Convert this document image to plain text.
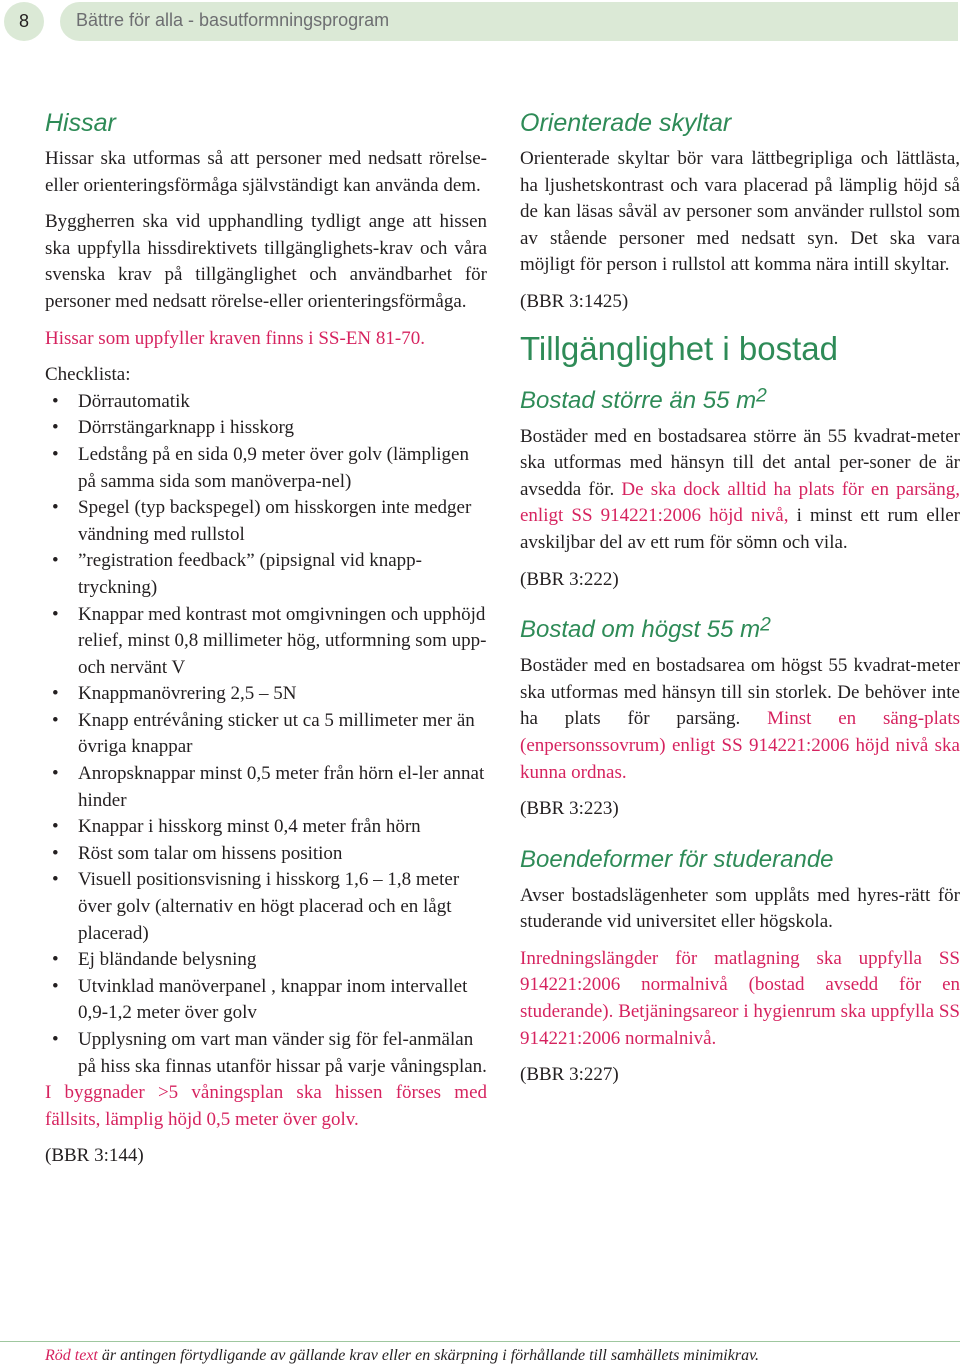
8	Bättre för alla - basutformningsprogram
Hissar

Hissar ska utformas så att personer med nedsatt rörelse- eller orienteringsförmåga självständigt kan använda dem.

Byggherren ska vid upphandling tydligt ange att hissen ska uppfylla hissdirektivets tillgänglighets-krav och våra svenska krav på tillgänglighet och användbarhet för personer med nedsatt rörelse-eller orienteringsförmåga.

Hissar som uppfyller kraven finns i SS-EN 81-70.

Checklista:
• Dörrautomatik
• Dörrstängarknapp i hisskorg
• Ledstång på en sida 0,9 meter över golv (lämpligen på samma sida som manöverpa-nel)
• Spegel (typ backspegel) om hisskorgen inte medger vändning med rullstol
• ”registration feedback” (pipsignal vid knapp-tryckning)
• Knappar med kontrast mot omgivningen och upphöjd relief, minst 0,8 millimeter hög, utformning som upp- och nervänt V
• Knappmanövrering 2,5 – 5N
• Knapp entrévåning sticker ut ca 5 millimeter mer än övriga knappar
• Anropsknappar minst 0,5 meter från hörn el-ler annat hinder
• Knappar i hisskorg minst 0,4 meter från hörn
• Röst som talar om hissens position
• Visuell positionsvisning i hisskorg 1,6 – 1,8 meter över golv (alternativ en högt placerad och en lågt placerad)
• Ej bländande belysning
• Utvinklad manöverpanel , knappar inom intervallet 0,9-1,2 meter över golv
• Upplysning om vart man vänder sig för fel-anmälan på hiss ska finnas utanför hissar på varje våningsplan.

I byggnader >5 våningsplan ska hissen förses med fällsits, lämplig höjd 0,5 meter över golv.

(BBR 3:144)

Orienterade skyltar

Orienterade skyltar bör vara lättbegripliga och lättlästa, ha ljushetskontrast och vara placerad på lämplig höjd så de kan läsas såväl av personer som använder rullstol som av stående personer med nedsatt syn. Det ska vara möjligt för person i rullstol att komma nära intill skyltar.

(BBR 3:1425)

Tillgänglighet i bostad
Bostad större än 55 $m^2$

Bostäder med en bostadsarea större än 55 kvadrat-meter ska utformas med hänsyn till det antal per-soner de är avsedda för. De ska dock alltid ha plats för en parsäng, enligt SS 914221:2006 höjd nivå, i minst ett rum eller avskiljbar del av ett rum för sömn och vila.

(BBR 3:222)

Bostad om högst 55 $m^2$

Bostäder med en bostadsarea om högst 55 kvadrat-meter ska utformas med hänsyn till sin storlek. De behöver inte ha plats för parsäng. Minst en säng-plats (enpersonssovrum) enligt SS 914221:2006 höjd nivå ska kunna ordnas.

(BBR 3:223)

Boendeformer för studerande

Avser bostadslägenheter som upplåts med hyres-rätt för studerande vid universitet eller högskola.

Inredningslängder för matlagning ska uppfylla SS 914221:2006 normalnivå (bostad avsedd för en studerande). Betjäningsareor i hygienrum ska uppfylla SS 914221:2006 normalnivå.

(BBR 3:227)

Röd text är antingen förtydligande av gällande krav eller en skärpning i förhållande till samhällets minimikrav.
